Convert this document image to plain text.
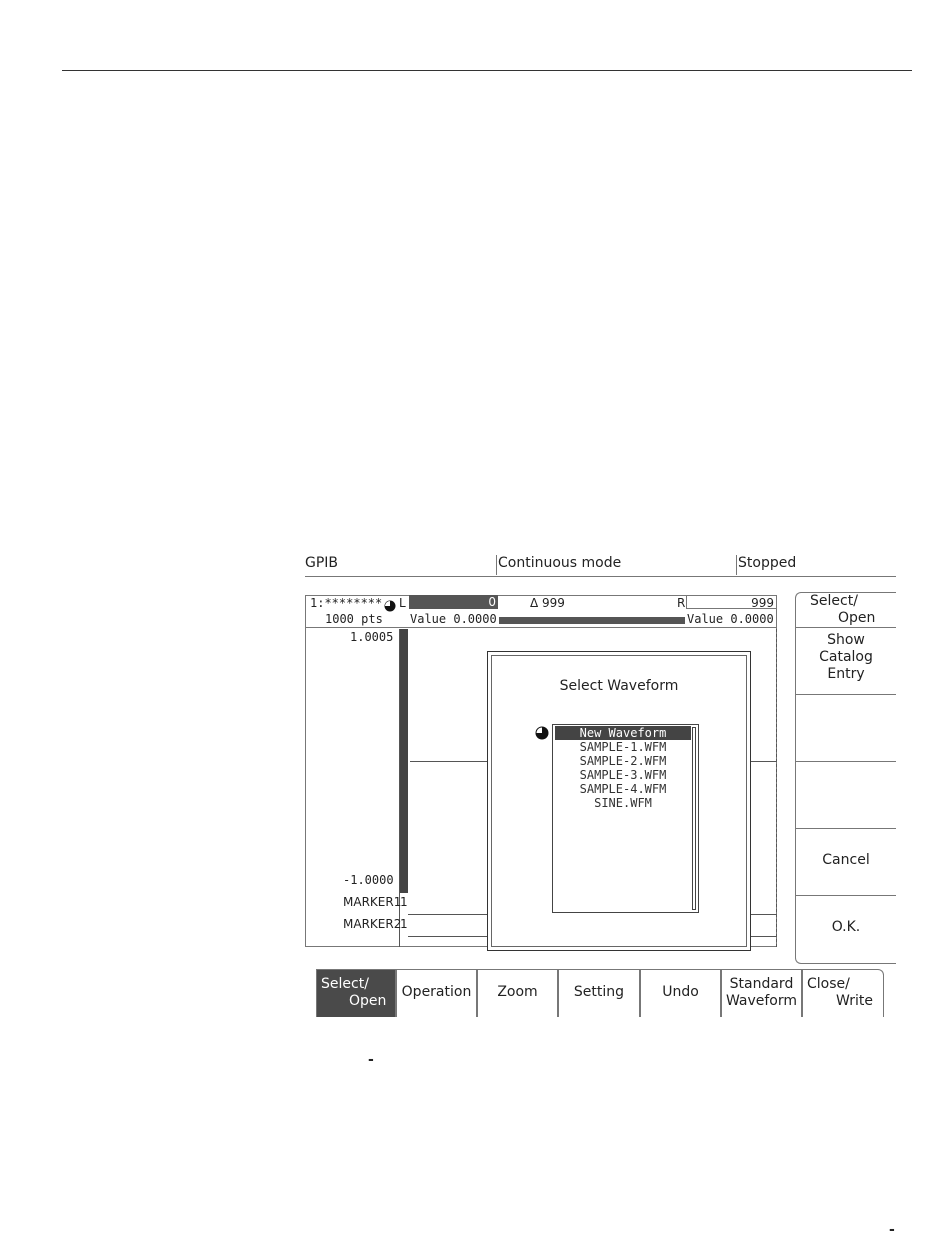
GPIB	Continuous mode	Stopped
1:******** L	0	Δ 999	R	999
1000 pts Value 0.0000	Value 0.0000
1.0005
-1.0000
MARKER1
1
MARKER2
1
Select Waveform
New Waveform
SAMPLE-1.WFM
SAMPLE-2.WFM
SAMPLE-3.WFM
SAMPLE-4.WFM
SINE.WFM
Select/
Open
Show
Catalog
Entry
Cancel
O.K.
Select/
Open
Operation	Zoom	Setting	Undo	Standard
Waveform
Close/
Write
-
-
